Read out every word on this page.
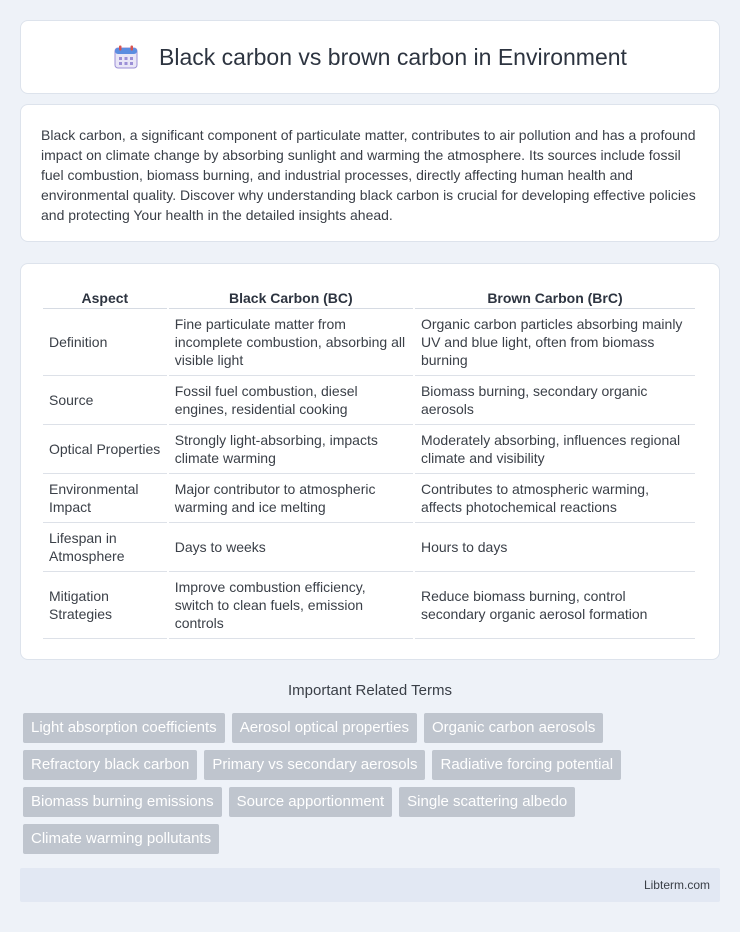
Black carbon vs brown carbon in Environment

Black carbon, a significant component of particulate matter, contributes to air pollution and has a profound impact on climate change by absorbing sunlight and warming the atmosphere. Its sources include fossil fuel combustion, biomass burning, and industrial processes, directly affecting human health and environmental quality. Discover why understanding black carbon is crucial for developing effective policies and protecting Your health in the detailed insights ahead.

Aspect	Black Carbon (BC)	Brown Carbon (BrC)
Definition	Fine particulate matter from incomplete combustion, absorbing all visible light	Organic carbon particles absorbing mainly UV and blue light, often from biomass burning
Source	Fossil fuel combustion, diesel engines, residential cooking	Biomass burning, secondary organic aerosols
Optical Properties	Strongly light-absorbing, impacts climate warming	Moderately absorbing, influences regional climate and visibility
Environmental Impact	Major contributor to atmospheric warming and ice melting	Contributes to atmospheric warming, affects photochemical reactions
Lifespan in Atmosphere	Days to weeks	Hours to days
Mitigation Strategies	Improve combustion efficiency, switch to clean fuels, emission controls	Reduce biomass burning, control secondary organic aerosol formation
Important Related Terms
Light absorption coefficients	Aerosol optical properties	Organic carbon aerosols
Refractory black carbon	Primary vs secondary aerosols	Radiative forcing potential
Biomass burning emissions	Source apportionment	Single scattering albedo
Climate warming pollutants
Libterm.com
